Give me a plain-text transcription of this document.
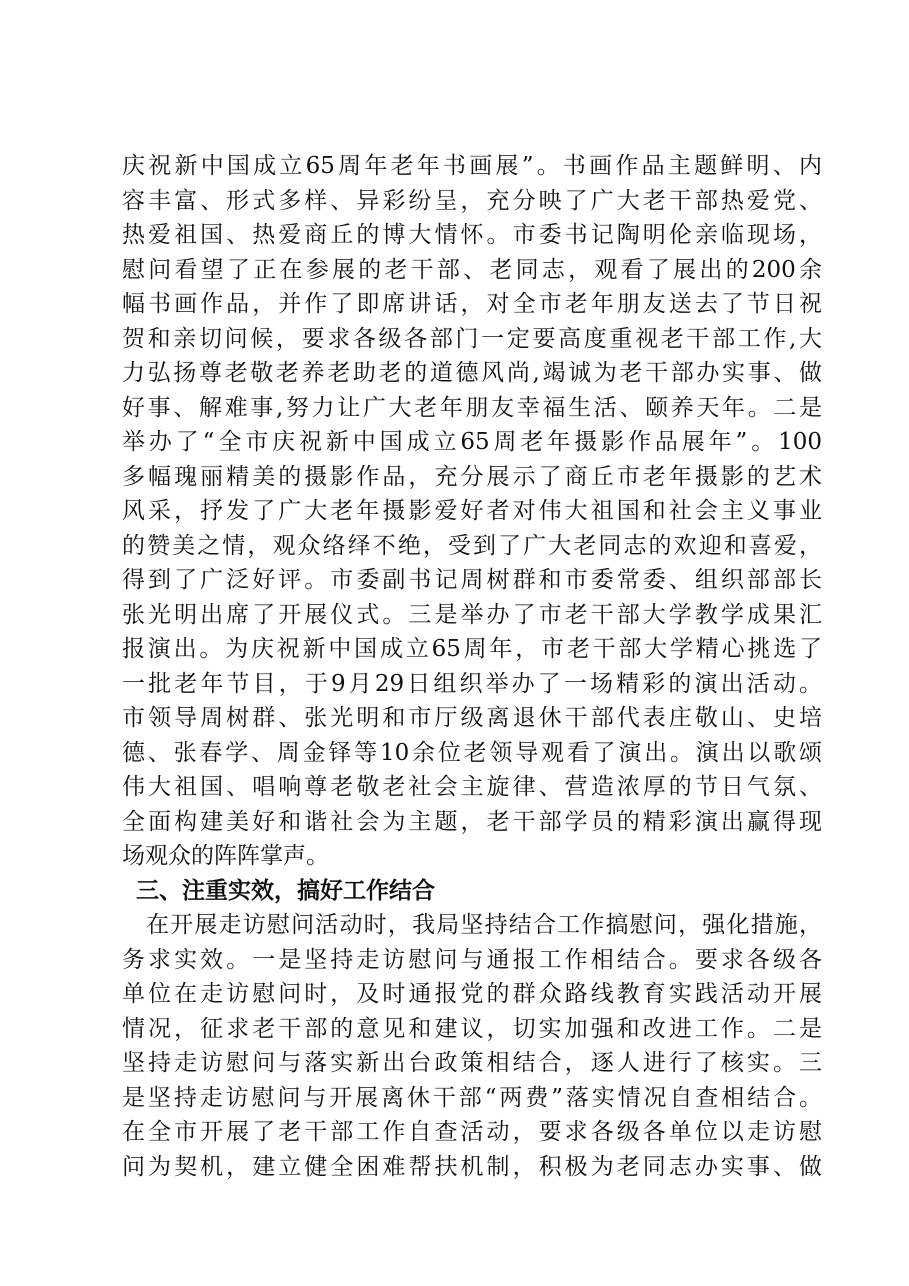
庆祝新中国成立65周年老年书画展”。书画作品主题鲜明、内
容丰富、形式多样、异彩纷呈，充分映了广大老干部热爱党、
热爱祖国、热爱商丘的博大情怀。市委书记陶明伦亲临现场，
慰问看望了正在参展的老干部、老同志，观看了展出的200余
幅书画作品，并作了即席讲话，对全市老年朋友送去了节日祝
贺和亲切问候，要求各级各部门一定要高度重视老干部工作,大
力弘扬尊老敬老养老助老的道德风尚,竭诚为老干部办实事、做
好事、解难事,努力让广大老年朋友幸福生活、颐养天年。二是
举办了“全市庆祝新中国成立65周老年摄影作品展年”。100
多幅瑰丽精美的摄影作品，充分展示了商丘市老年摄影的艺术
风采，抒发了广大老年摄影爱好者对伟大祖国和社会主义事业
的赞美之情，观众络绎不绝，受到了广大老同志的欢迎和喜爱，
得到了广泛好评。市委副书记周树群和市委常委、组织部部长
张光明出席了开展仪式。三是举办了市老干部大学教学成果汇
报演出。为庆祝新中国成立65周年，市老干部大学精心挑选了
一批老年节目，于9月29日组织举办了一场精彩的演出活动。
市领导周树群、张光明和市厅级离退休干部代表庄敬山、史培
德、张春学、周金铎等10余位老领导观看了演出。演出以歌颂
伟大祖国、唱响尊老敬老社会主旋律、营造浓厚的节日气氛、
全面构建美好和谐社会为主题，老干部学员的精彩演出赢得现
场观众的阵阵掌声。
三、注重实效，搞好工作结合
在开展走访慰问活动时，我局坚持结合工作搞慰问，强化措施，
务求实效。一是坚持走访慰问与通报工作相结合。要求各级各
单位在走访慰问时，及时通报党的群众路线教育实践活动开展
情况，征求老干部的意见和建议，切实加强和改进工作。二是
坚持走访慰问与落实新出台政策相结合，逐人进行了核实。三
是坚持走访慰问与开展离休干部“两费”落实情况自查相结合。
在全市开展了老干部工作自查活动，要求各级各单位以走访慰
问为契机，建立健全困难帮扶机制，积极为老同志办实事、做
